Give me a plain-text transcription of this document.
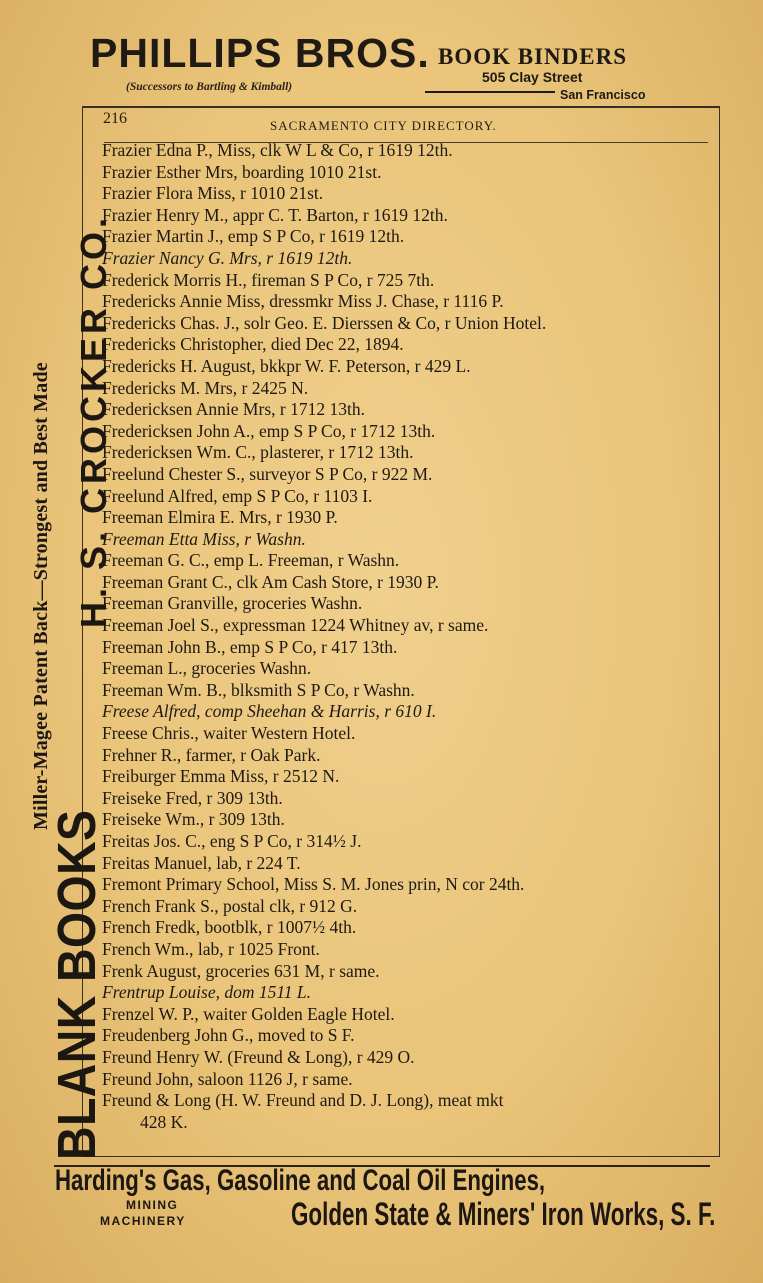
PHILLIPS BROS.
(Successors to Bartling & Kimball)
BOOK BINDERS
505 Clay Street
San Francisco
216	SACRAMENTO CITY DIRECTORY.
Frazier Edna P., Miss, clk W L & Co, r 1619 12th.
Frazier Esther Mrs, boarding 1010 21st.
Frazier Flora Miss, r 1010 21st.
Frazier Henry M., appr C. T. Barton, r 1619 12th.
Frazier Martin J., emp S P Co, r 1619 12th.
Frazier Nancy G. Mrs, r 1619 12th.
Frederick Morris H., fireman S P Co, r 725 7th.
Fredericks Annie Miss, dressmkr Miss J. Chase, r 1116 P.
Fredericks Chas. J., solr Geo. E. Dierssen & Co, r Union Hotel.
Fredericks Christopher, died Dec 22, 1894.
Fredericks H. August, bkkpr W. F. Peterson, r 429 L.
Fredericks M. Mrs, r 2425 N.
Fredericksen Annie Mrs, r 1712 13th.
Fredericksen John A., emp S P Co, r 1712 13th.
Fredericksen Wm. C., plasterer, r 1712 13th.
Freelund Chester S., surveyor S P Co, r 922 M.
Freelund Alfred, emp S P Co, r 1103 I.
Freeman Elmira E. Mrs, r 1930 P.
Freeman Etta Miss, r Washn.
Freeman G. C., emp L. Freeman, r Washn.
Freeman Grant C., clk Am Cash Store, r 1930 P.
Freeman Granville, groceries Washn.
Freeman Joel S., expressman 1224 Whitney av, r same.
Freeman John B., emp S P Co, r 417 13th.
Freeman L., groceries Washn.
Freeman Wm. B., blksmith S P Co, r Washn.
Freese Alfred, comp Sheehan & Harris, r 610 I.
Freese Chris., waiter Western Hotel.
Frehner R., farmer, r Oak Park.
Freiburger Emma Miss, r 2512 N.
Freiseke Fred, r 309 13th.
Freiseke Wm., r 309 13th.
Freitas Jos. C., eng S P Co, r 314½ J.
Freitas Manuel, lab, r 224 T.
Fremont Primary School, Miss S. M. Jones prin, N cor 24th.
French Frank S., postal clk, r 912 G.
French Fredk, bootblk, r 1007½ 4th.
French Wm., lab, r 1025 Front.
Frenk August, groceries 631 M, r same.
Frentrup Louise, dom 1511 L.
Frenzel W. P., waiter Golden Eagle Hotel.
Freudenberg John G., moved to S F.
Freund Henry W. (Freund & Long), r 429 O.
Freund John, saloon 1126 J, r same.
Freund & Long (H. W. Freund and D. J. Long), meat mkt
428 K.
BLANK BOOKS
Miller-Magee Patent Back—Strongest and Best Made H. S. CROCKER CO.
Harding's Gas, Gasoline and Coal Oil Engines,
MINING
MACHINERY	Golden State & Miners' Iron Works, S. F.
